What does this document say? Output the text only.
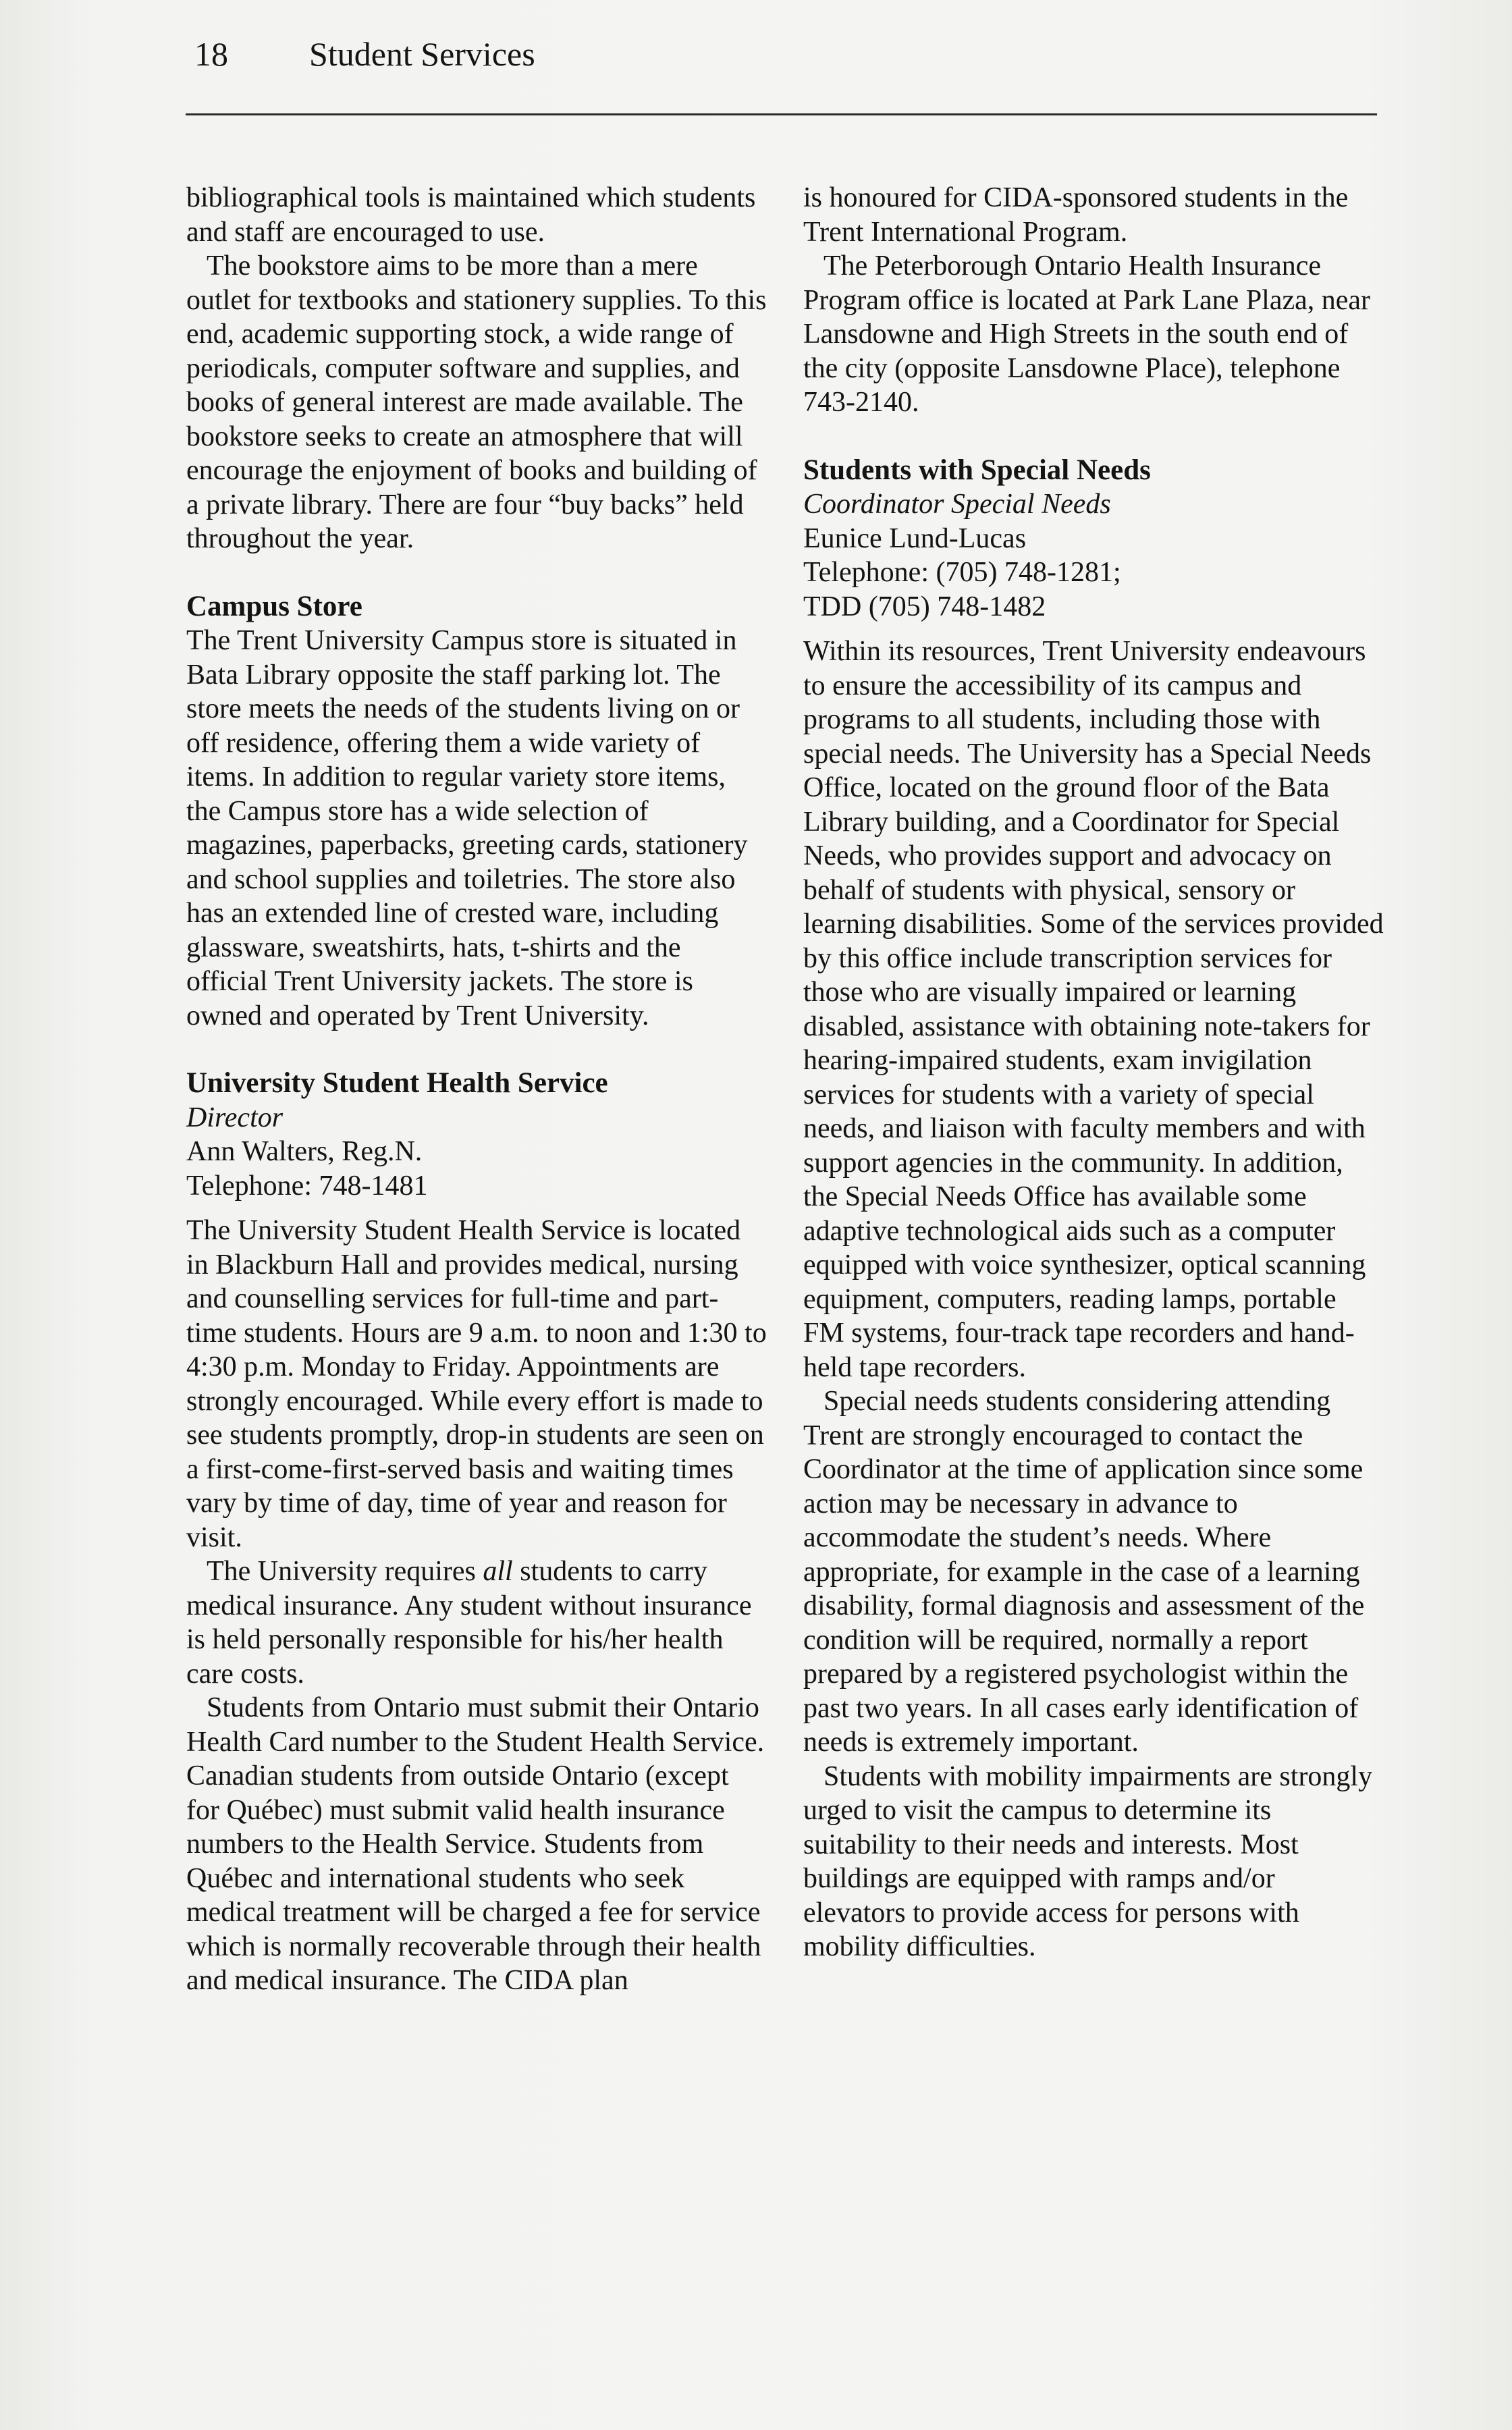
18	Student Services

bibliographical tools is maintained which students and staff are encouraged to use.

The bookstore aims to be more than a mere outlet for textbooks and stationery supplies. To this end, academic supporting stock, a wide range of periodicals, computer software and supplies, and books of general interest are made available. The bookstore seeks to create an atmosphere that will encourage the enjoyment of books and building of a private library. There are four “buy backs” held throughout the year.

Campus Store

The Trent University Campus store is situated in Bata Library opposite the staff parking lot. The store meets the needs of the students living on or off residence, offering them a wide variety of items. In addition to regular variety store items, the Campus store has a wide selection of magazines, paperbacks, greeting cards, stationery and school supplies and toiletries. The store also has an extended line of crested ware, including glassware, sweatshirts, hats, t-shirts and the official Trent University jackets. The store is owned and operated by Trent University.

University Student Health Service
Director
Ann Walters, Reg.N.
Telephone: 748-1481

The University Student Health Service is located in Blackburn Hall and provides medical, nursing and counselling services for full-time and part-time students. Hours are 9 a.m. to noon and 1:30 to 4:30 p.m. Monday to Friday. Appointments are strongly encouraged. While every effort is made to see students promptly, drop-in students are seen on a first-come-first-served basis and waiting times vary by time of day, time of year and reason for visit.

The University requires all students to carry medical insurance. Any student without insurance is held personally responsible for his/her health care costs.

Students from Ontario must submit their Ontario Health Card number to the Student Health Service. Canadian students from outside Ontario (except for Québec) must submit valid health insurance numbers to the Health Service. Students from Québec and international students who seek medical treatment will be charged a fee for service which is normally recoverable through their health and medical insurance. The CIDA plan

is honoured for CIDA-sponsored students in the Trent International Program.

The Peterborough Ontario Health Insurance Program office is located at Park Lane Plaza, near Lansdowne and High Streets in the south end of the city (opposite Lansdowne Place), telephone 743-2140.

Students with Special Needs
Coordinator Special Needs
Eunice Lund-Lucas
Telephone: (705) 748-1281;
TDD (705) 748-1482

Within its resources, Trent University endeavours to ensure the accessibility of its campus and programs to all students, including those with special needs. The University has a Special Needs Office, located on the ground floor of the Bata Library building, and a Coordinator for Special Needs, who provides support and advocacy on behalf of students with physical, sensory or learning disabilities. Some of the services provided by this office include transcription services for those who are visually impaired or learning disabled, assistance with obtaining note-takers for hearing-impaired students, exam invigilation services for students with a variety of special needs, and liaison with faculty members and with support agencies in the community. In addition, the Special Needs Office has available some adaptive technological aids such as a computer equipped with voice synthesizer, optical scanning equipment, computers, reading lamps, portable FM systems, four-track tape recorders and hand-held tape recorders.

Special needs students considering attending Trent are strongly encouraged to contact the Coordinator at the time of application since some action may be necessary in advance to accommodate the student’s needs. Where appropriate, for example in the case of a learning disability, formal diagnosis and assessment of the condition will be required, normally a report prepared by a registered psychologist within the past two years. In all cases early identification of needs is extremely important.

Students with mobility impairments are strongly urged to visit the campus to determine its suitability to their needs and interests. Most buildings are equipped with ramps and/or elevators to provide access for persons with mobility difficulties.
